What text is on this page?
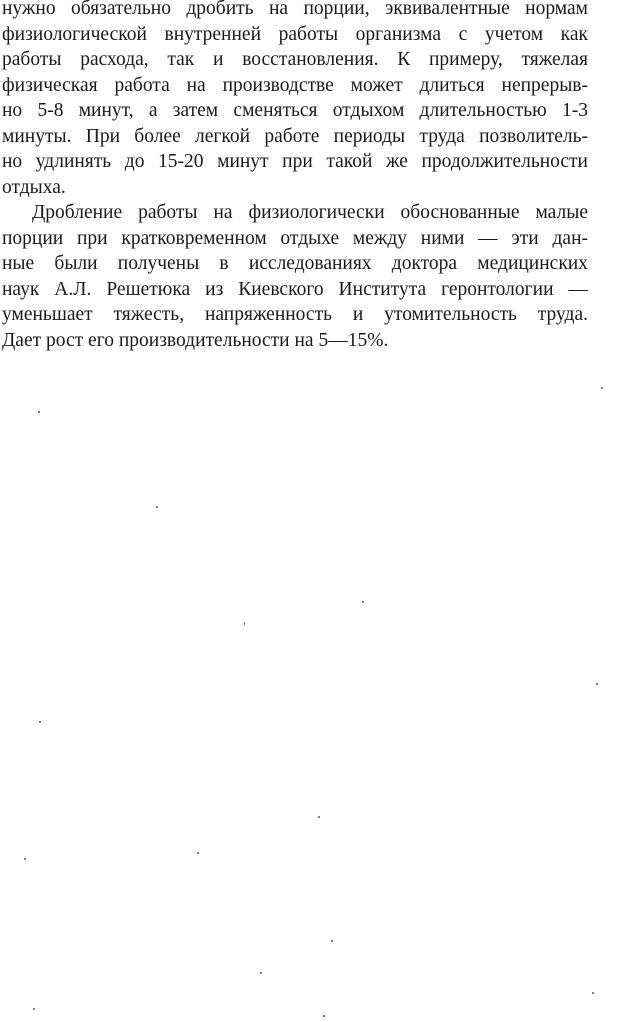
нужно обязательно дробить на порции, эквивалентные нормам
физиологической внутренней работы организма с учетом как
работы расхода, так и восстановления. К примеру, тяжелая
физическая работа на производстве может длиться непрерыв-
но 5-8 минут, а затем сменяться отдыхом длительностью 1-3
минуты. При более легкой работе периоды труда позволитель-
но удлинять до 15-20 минут при такой же продолжительности
отдыха.
Дробление работы на физиологически обоснованные малые
порции при кратковременном отдыхе между ними — эти дан-
ные были получены в исследованиях доктора медицинских
наук А.Л. Решетюка из Киевского Института геронтологии —
уменьшает тяжесть, напряженность и утомительность труда.
Дает рост его производительности на 5—15%.
